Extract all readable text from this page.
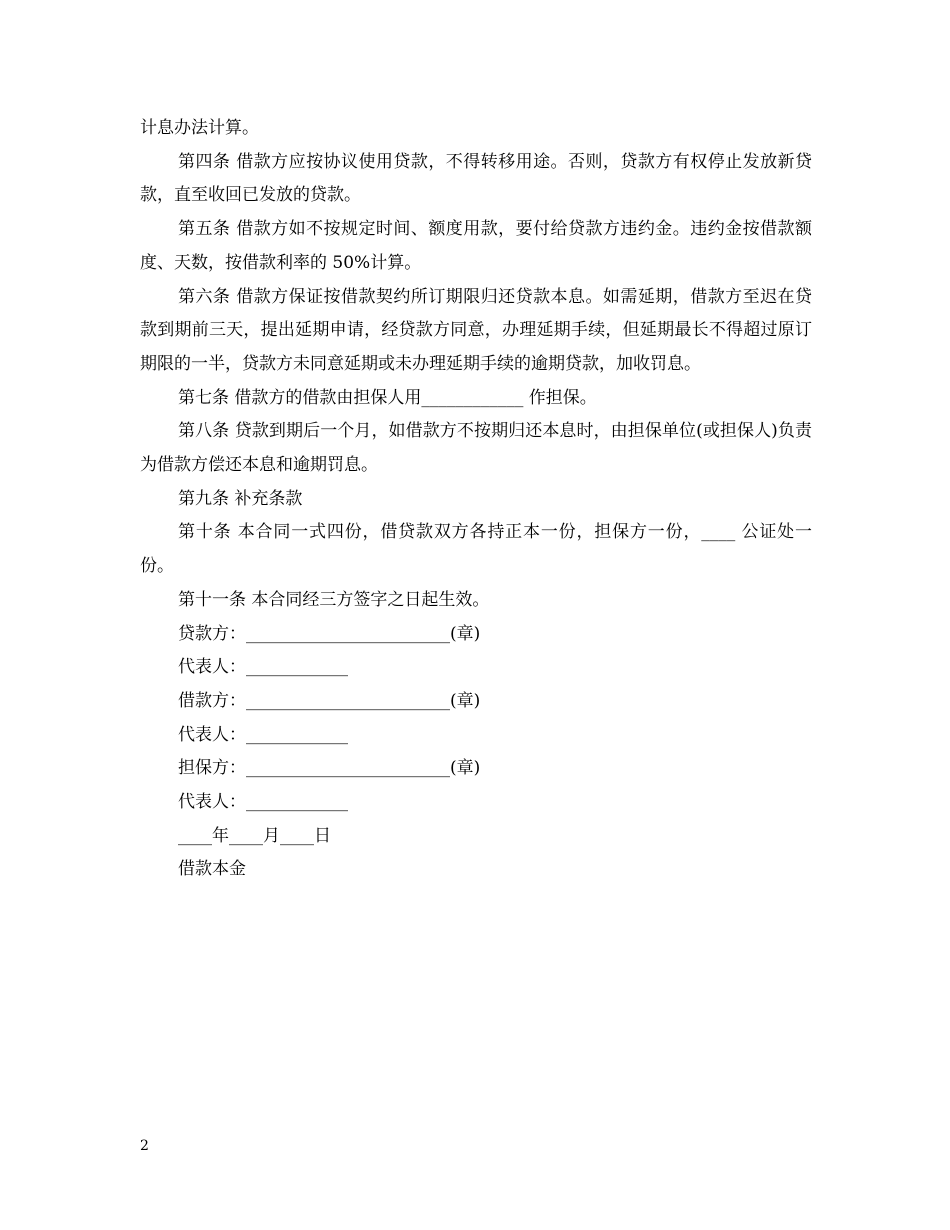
计息办法计算。

第四条 借款方应按协议使用贷款，不得转移用途。否则，贷款方有权停止发放新贷款，直至收回已发放的贷款。

第五条 借款方如不按规定时间、额度用款，要付给贷款方违约金。违约金按借款额度、天数，按借款利率的 50%计算。

第六条 借款方保证按借款契约所订期限归还贷款本息。如需延期，借款方至迟在贷款到期前三天，提出延期申请，经贷款方同意，办理延期手续，但延期最长不得超过原订期限的一半，贷款方未同意延期或未办理延期手续的逾期贷款，加收罚息。

第七条 借款方的借款由担保人用____________ 作担保。

第八条 贷款到期后一个月，如借款方不按期归还本息时，由担保单位(或担保人)负责为借款方偿还本息和逾期罚息。

第九条 补充条款

第十条 本合同一式四份，借贷款双方各持正本一份，担保方一份，____ 公证处一份。

第十一条 本合同经三方签字之日起生效。

贷款方：________________________(章)

代表人：____________

借款方：________________________(章)

代表人：____________

担保方：________________________(章)

代表人：____________

____年____月____日

借款本金

2
